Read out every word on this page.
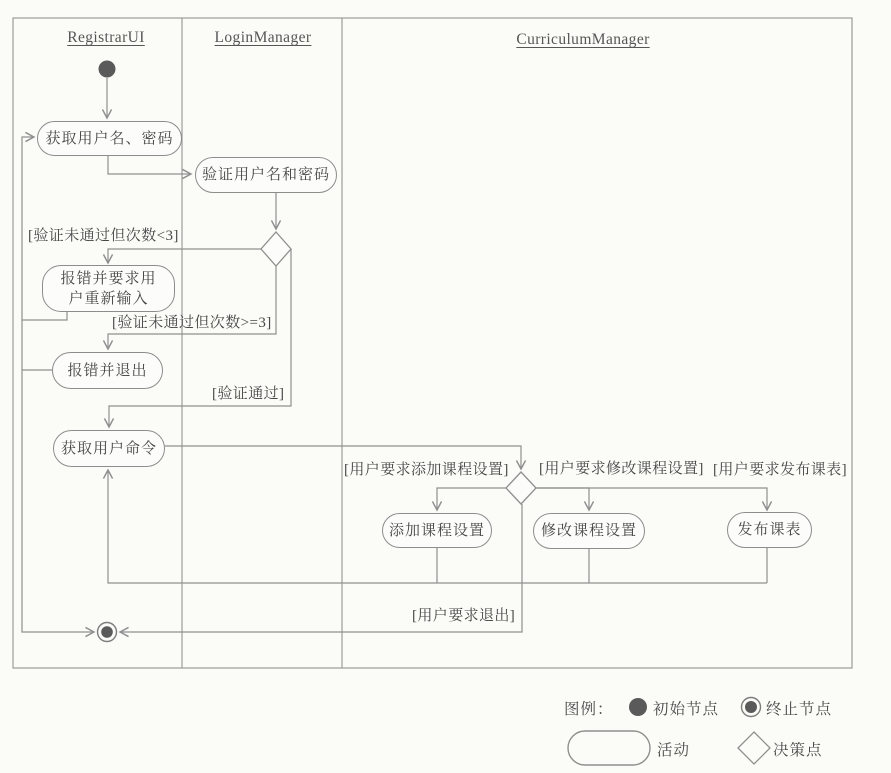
RegistrarUI	LoginManager	CurriculumManager
获取用户名、密码
验证用户名和密码
报错并要求用
户重新输入
报错并退出
获取用户命令
添加课程设置	修改课程设置	发布课表
[验证未通过但次数<3]
[验证未通过但次数>=3]
[验证通过]
[用户要求添加课程设置] [用户要求修改课程设置] [用户要求发布课表]
[用户要求退出]
图例：	初始节点	终止节点
活动	决策点
